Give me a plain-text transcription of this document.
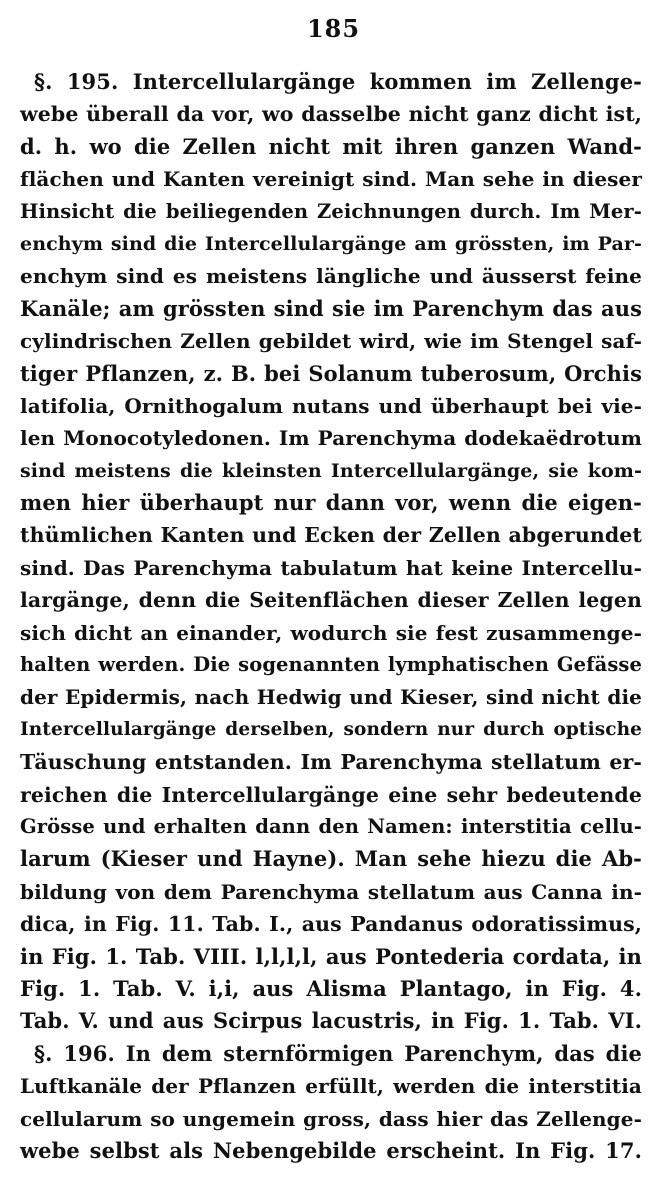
185
§. 195. Intercellulargänge kommen im Zellenge-
webe überall da vor, wo dasselbe nicht ganz dicht ist,
d. h. wo die Zellen nicht mit ihren ganzen Wand-
flächen und Kanten vereinigt sind. Man sehe in dieser
Hinsicht die beiliegenden Zeichnungen durch. Im Mer-
enchym sind die Intercellulargänge am grössten, im Par-
enchym sind es meistens längliche und äusserst feine
Kanäle; am grössten sind sie im Parenchym das aus
cylindrischen Zellen gebildet wird, wie im Stengel saf-
tiger Pflanzen, z. B. bei Solanum tuberosum, Orchis
latifolia, Ornithogalum nutans und überhaupt bei vie-
len Monocotyledonen. Im Parenchyma dodekaëdrotum
sind meistens die kleinsten Intercellulargänge, sie kom-
men hier überhaupt nur dann vor, wenn die eigen-
thümlichen Kanten und Ecken der Zellen abgerundet
sind. Das Parenchyma tabulatum hat keine Intercellu-
largänge, denn die Seitenflächen dieser Zellen legen
sich dicht an einander, wodurch sie fest zusammenge-
halten werden. Die sogenannten lymphatischen Gefässe
der Epidermis, nach Hedwig und Kieser, sind nicht die
Intercellulargänge derselben, sondern nur durch optische
Täuschung entstanden. Im Parenchyma stellatum er-
reichen die Intercellulargänge eine sehr bedeutende
Grösse und erhalten dann den Namen: interstitia cellu-
larum (Kieser und Hayne). Man sehe hiezu die Ab-
bildung von dem Parenchyma stellatum aus Canna in-
dica, in Fig. 11. Tab. I., aus Pandanus odoratissimus,
in Fig. 1. Tab. VIII. l,l,l,l, aus Pontederia cordata, in
Fig. 1. Tab. V. i,i, aus Alisma Plantago, in Fig. 4.
Tab. V. und aus Scirpus lacustris, in Fig. 1. Tab. VI.
§. 196. In dem sternförmigen Parenchym, das die
Luftkanäle der Pflanzen erfüllt, werden die interstitia
cellularum so ungemein gross, dass hier das Zellenge-
webe selbst als Nebengebilde erscheint. In Fig. 17.
